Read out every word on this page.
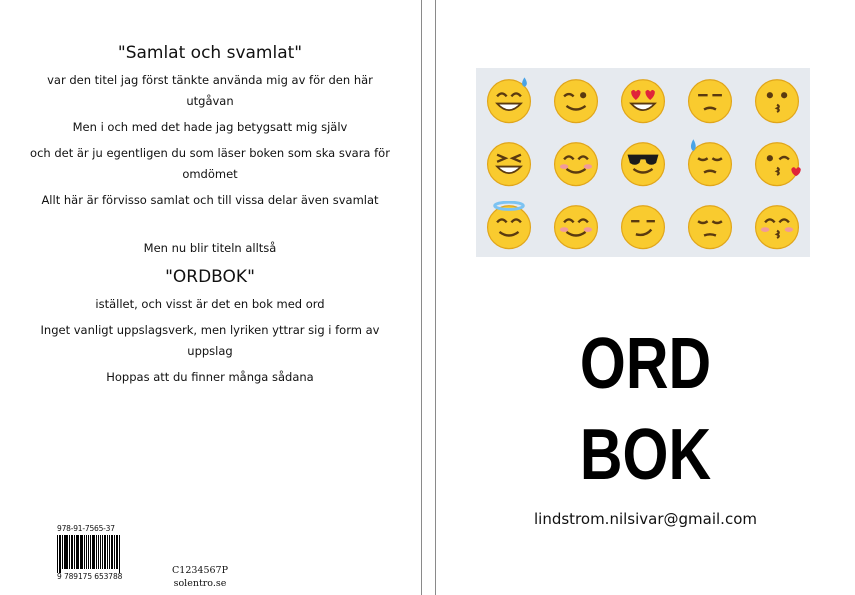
"Samlat och svamlat"

var den titel jag först tänkte använda mig av för den här utgåvan

Men i och med det hade jag betygsatt mig själv

och det är ju egentligen du som läser boken som ska svara för omdömet

Allt här är förvisso samlat och till vissa delar även svamlat

Men nu blir titeln alltså

"ORDBOK"

istället, och visst är det en bok med ord

Inget vanligt uppslagsverk, men lyriken yttrar sig i form av uppslag

Hoppas att du finner många sådana

978-91-7565-37
9 789175 653788
C1234567P
solentro.se
ORD
BOK
lindstrom.nilsivar@gmail.com
